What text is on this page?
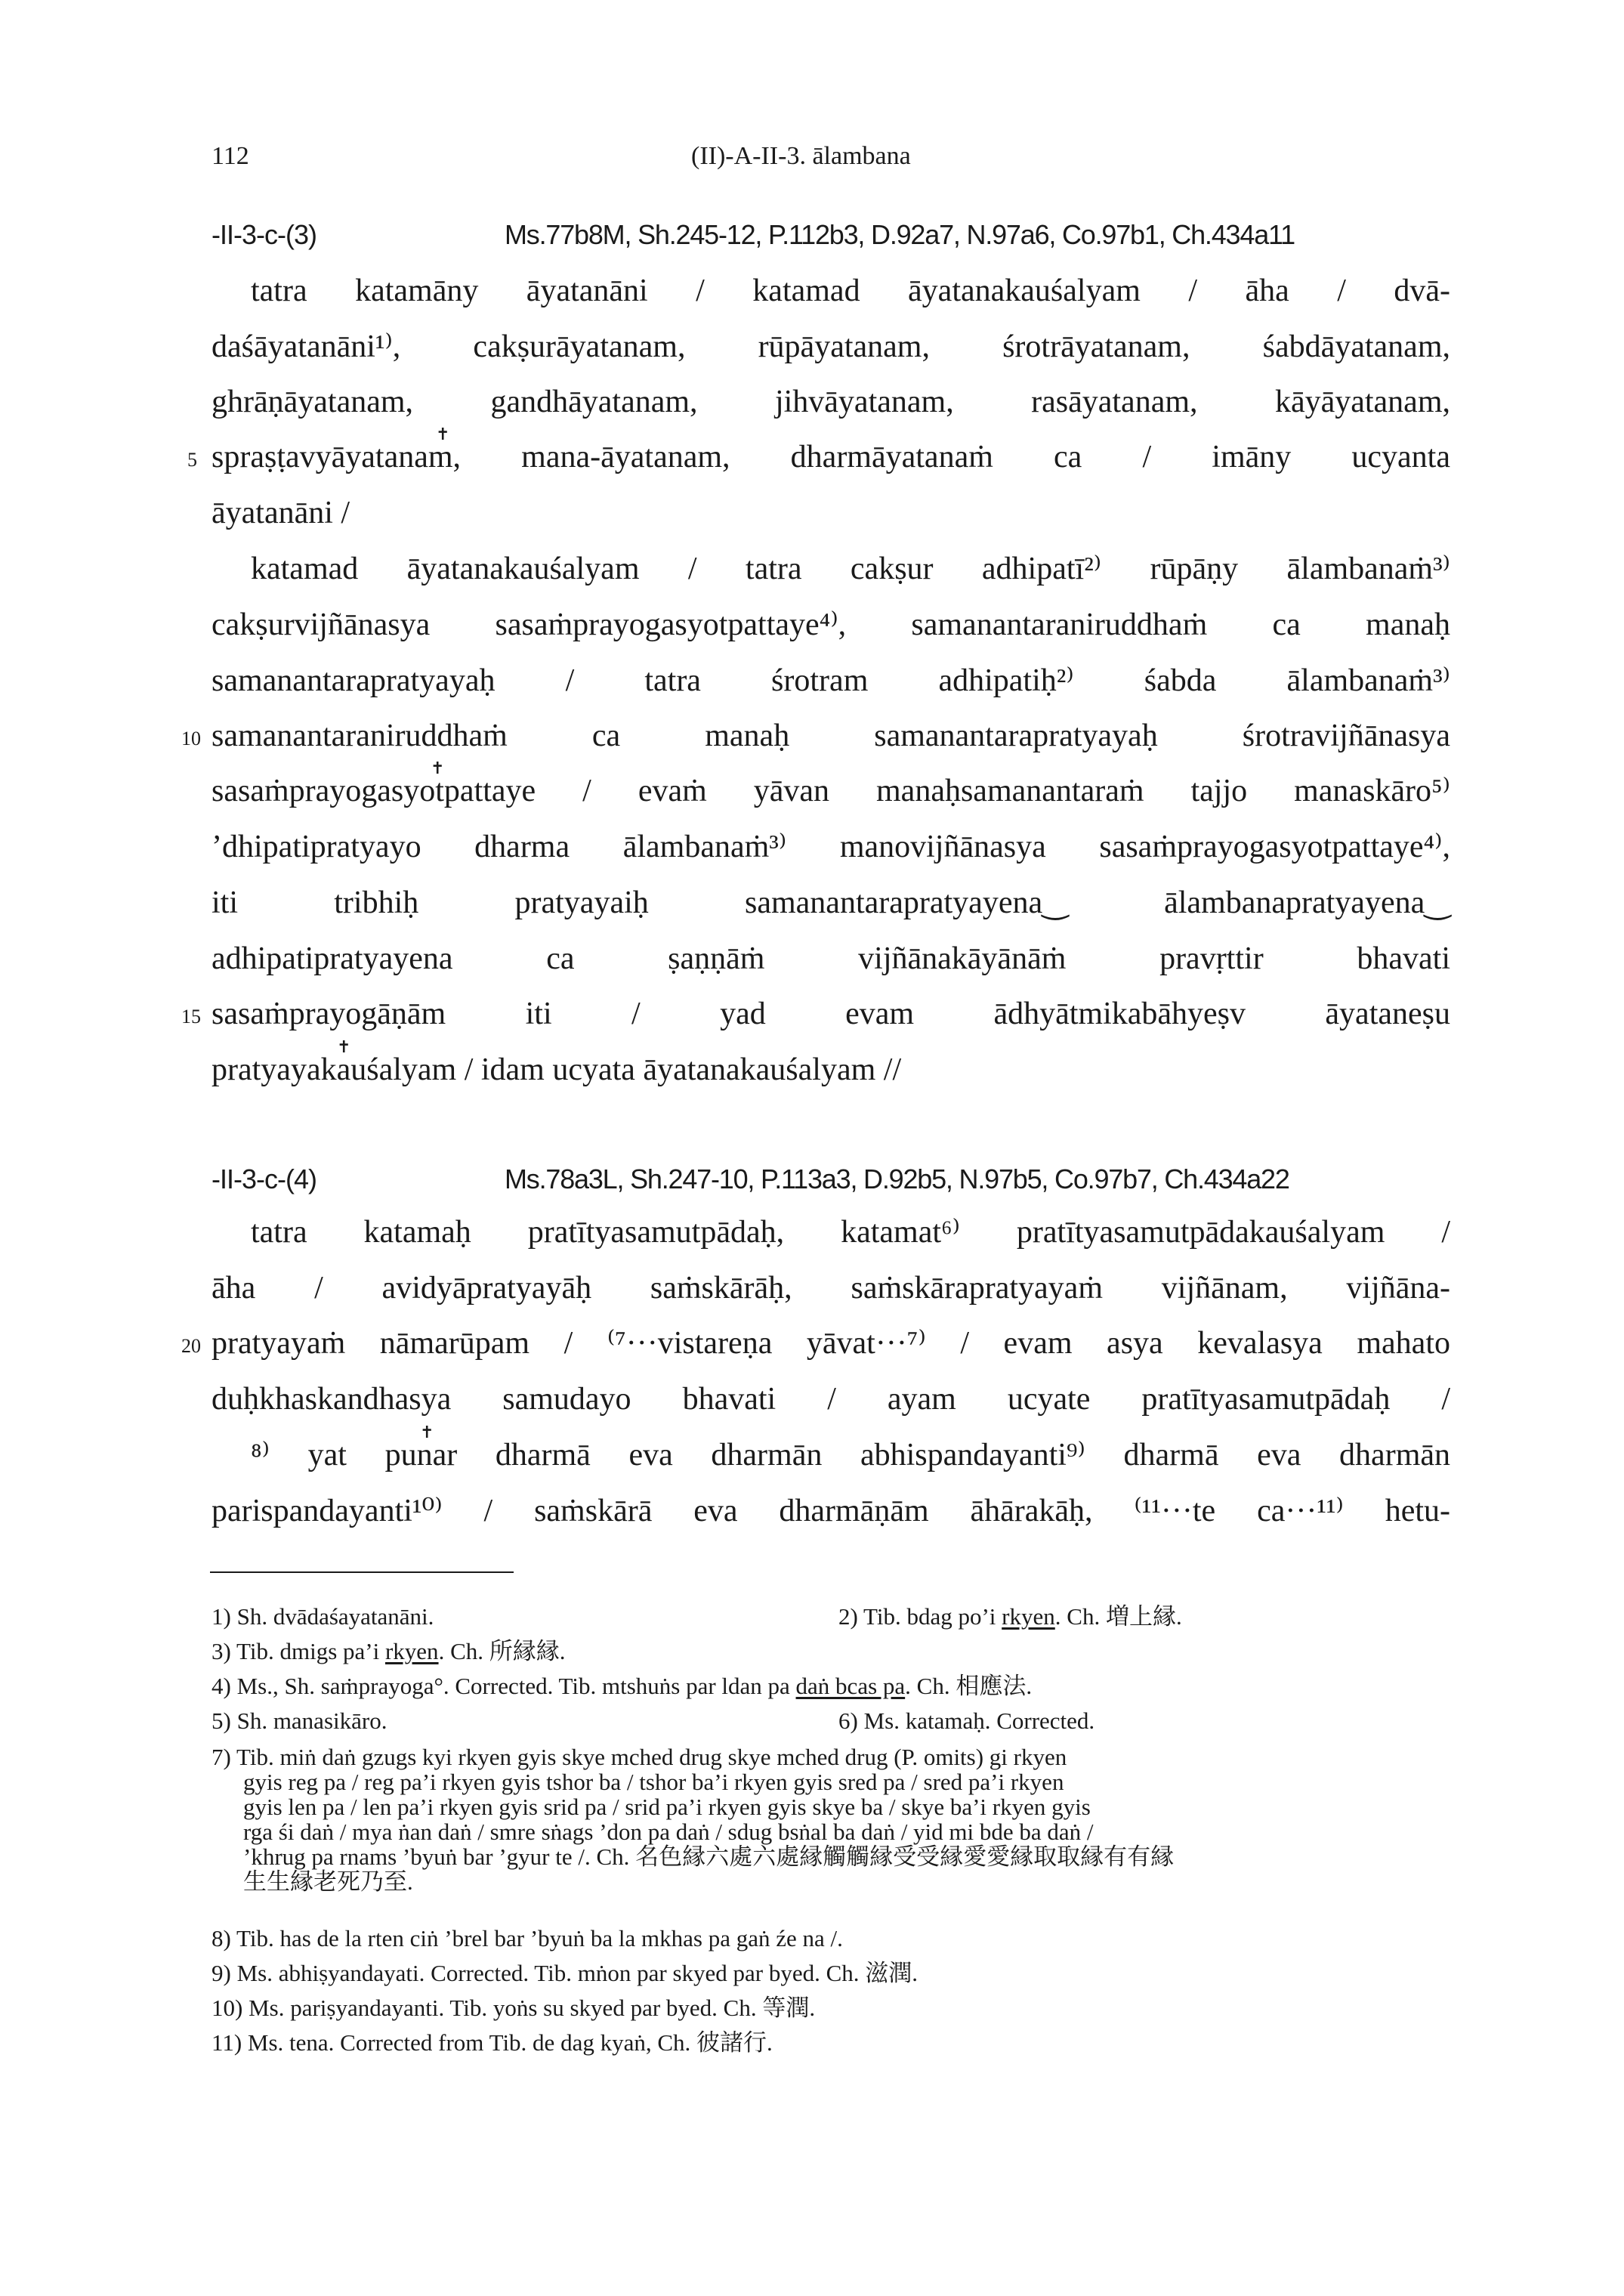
112	(II)-A-II-3. ālambana
-II-3-c-(3)	Ms.77b8M, Sh.245-12, P.112b3, D.92a7, N.97a6, Co.97b1, Ch.434a11
tatra katamāny āyatanāni / katamad āyatanakauśalyam / āha / dvā-
daśāyatanāni¹⁾, cakṣurāyatanam, rūpāyatanam, śrotrāyatanam, śabdāyatanam,
ghrāṇāyatanam, gandhāyatanam, jihvāyatanam, rasāyatanam, kāyāyatanam,
5
✝
spraṣṭavyāyatanam, mana-āyatanam, dharmāyatanaṁ ca / imāny ucyanta
āyatanāni /
katamad āyatanakauśalyam / tatra cakṣur adhipatī²⁾ rūpāṇy ālambanaṁ³⁾
cakṣurvijñānasya sasaṁprayogasyotpattaye⁴⁾, samanantaraniruddhaṁ ca manaḥ
samanantarapratyayaḥ / tatra śrotram adhipatiḥ²⁾ śabda ālambanaṁ³⁾
10 samanantaraniruddhaṁ ca manaḥ samanantarapratyayaḥ śrotravijñānasya
✝
sasaṁprayogasyotpattaye / evaṁ yāvan manaḥsamanantaraṁ tajjo manaskāro⁵⁾
’dhipatipratyayo dharma ālambanaṁ³⁾ manovijñānasya sasaṁprayogasyotpattaye⁴⁾,
iti tribhiḥ pratyayaiḥ samanantarapratyayena‿ ālambanapratyayena‿
adhipatipratyayena ca ṣaṇṇāṁ vijñānakāyānāṁ pravṛttir bhavati
15 sasaṁprayogāṇām iti / yad evam ādhyātmikabāhyeṣv āyataneṣu
✝
pratyayakauśalyam / idam ucyata āyatanakauśalyam //
-II-3-c-(4)	Ms.78a3L, Sh.247-10, P.113a3, D.92b5, N.97b5, Co.97b7, Ch.434a22
tatra katamaḥ pratītyasamutpādaḥ, katamat⁶⁾ pratītyasamutpādakauśalyam /
āha / avidyāpratyayāḥ saṁskārāḥ, saṁskārapratyayaṁ vijñānam, vijñāna-
20 pratyayaṁ nāmarūpam / ⁽⁷···vistareṇa yāvat···⁷⁾ / evam asya kevalasya mahato
duḥkhaskandhasya samudayo bhavati / ayam ucyate pratītyasamutpādaḥ /
✝
⁸⁾ yat punar dharmā eva dharmān abhispandayanti⁹⁾ dharmā eva dharmān
parispandayanti¹⁰⁾ / saṁskārā eva dharmāṇām āhārakāḥ, ⁽¹¹···te ca···¹¹⁾ hetu-
1) Sh. dvādaśayatanāni.	2) Tib. bdag po’i rkyen. Ch. 増上縁.
3) Tib. dmigs pa’i rkyen. Ch. 所縁縁.
4) Ms., Sh. saṁprayoga°. Corrected. Tib. mtshuṅs par ldan pa daṅ bcas pa. Ch. 相應法.
5) Sh. manasikāro.	6) Ms. katamaḥ. Corrected.
7) Tib. miṅ daṅ gzugs kyi rkyen gyis skye mched drug skye mched drug (P. omits) gi rkyen
gyis reg pa / reg pa’i rkyen gyis tshor ba / tshor ba’i rkyen gyis sred pa / sred pa’i rkyen
gyis len pa / len pa’i rkyen gyis srid pa / srid pa’i rkyen gyis skye ba / skye ba’i rkyen gyis
rga śi daṅ / mya ṅan daṅ / smre sṅags ’don pa daṅ / sdug bsṅal ba daṅ / yid mi bde ba daṅ /
’khrug pa rnams ’byuṅ bar ’gyur te /. Ch. 名色縁六處六處縁觸觸縁受受縁愛愛縁取取縁有有縁
生生縁老死乃至.
8) Tib. has de la rten ciṅ ’brel bar ’byuṅ ba la mkhas pa gaṅ źe na /.
9) Ms. abhiṣyandayati. Corrected. Tib. mṅon par skyed par byed. Ch. 滋潤.
10) Ms. pariṣyandayanti. Tib. yoṅs su skyed par byed. Ch. 等潤.
11) Ms. tena. Corrected from Tib. de dag kyaṅ, Ch. 彼諸行.
